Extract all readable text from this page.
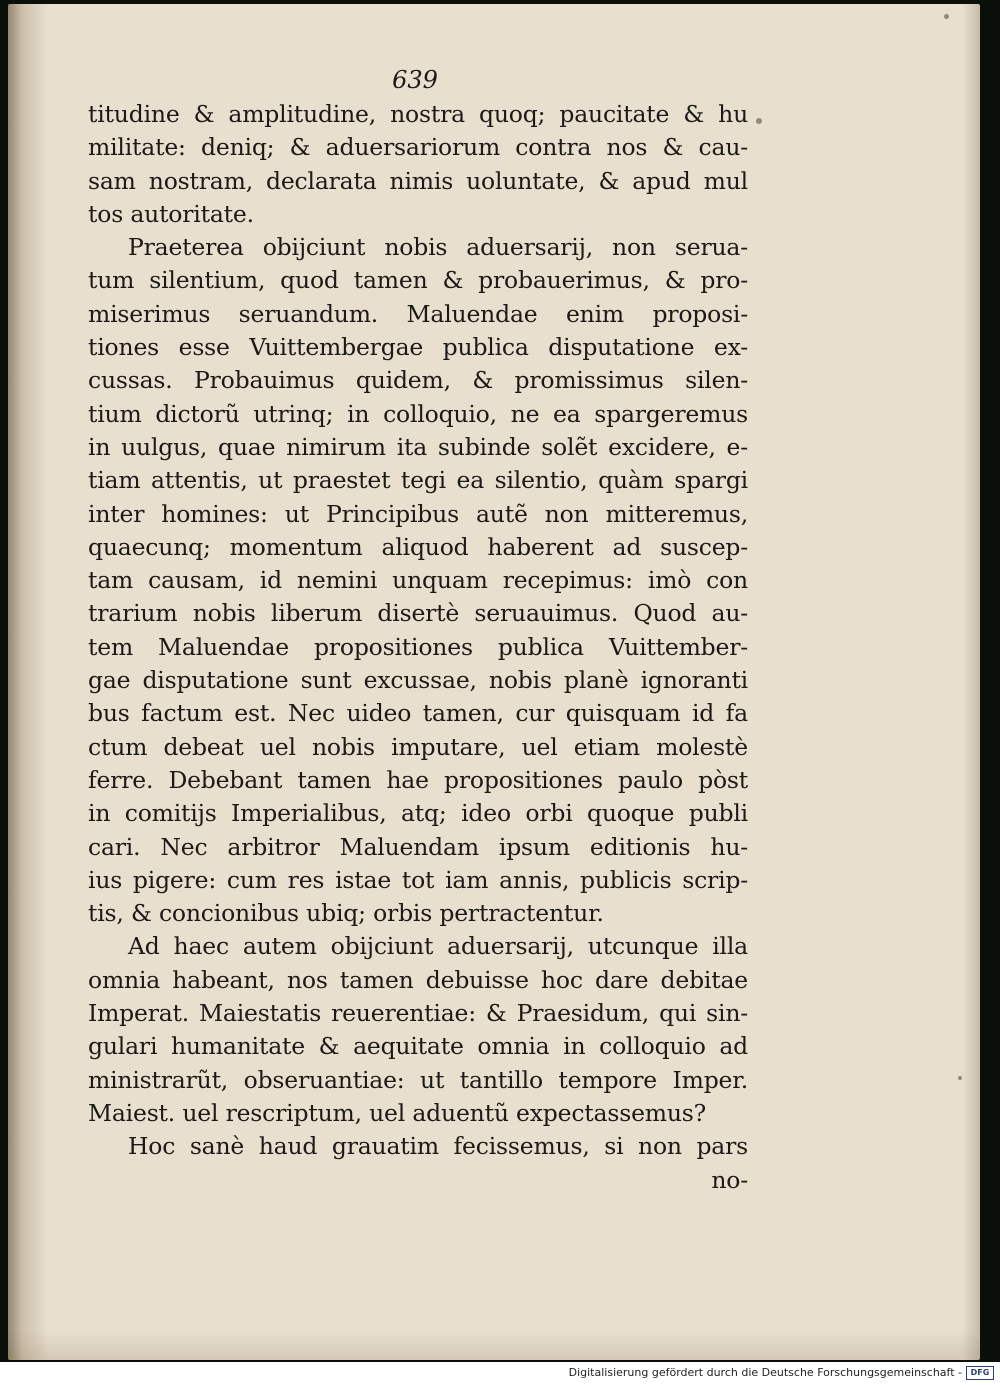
639
titudine & amplitudine, nostra quoq; paucitate & hu
militate: deniq; & aduersariorum contra nos & cau-
sam nostram, declarata nimis uoluntate, & apud mul
tos autoritate.
Praeterea obijciunt nobis aduersarij, non serua-
tum silentium, quod tamen & probauerimus, & pro-
miserimus seruandum. Maluendae enim proposi-
tiones esse Vuittembergae publica disputatione ex-
cussas. Probauimus quidem, & promissimus silen-
tium dictorũ utrinq; in colloquio, ne ea spargeremus
in uulgus, quae nimirum ita subinde solẽt excidere, e-
tiam attentis, ut praestet tegi ea silentio, quàm spargi
inter homines: ut Principibus autẽ non mitteremus,
quaecunq; momentum aliquod haberent ad suscep-
tam causam, id nemini unquam recepimus: imò con
trarium nobis liberum disertè seruauimus. Quod au-
tem Maluendae propositiones publica Vuittember-
gae disputatione sunt excussae, nobis planè ignoranti
bus factum est. Nec uideo tamen, cur quisquam id fa
ctum debeat uel nobis imputare, uel etiam molestè
ferre. Debebant tamen hae propositiones paulo pòst
in comitijs Imperialibus, atq; ideo orbi quoque publi
cari. Nec arbitror Maluendam ipsum editionis hu-
ius pigere: cum res istae tot iam annis, publicis scrip-
tis, & concionibus ubiq; orbis pertractentur.
Ad haec autem obijciunt aduersarij, utcunque illa
omnia habeant, nos tamen debuisse hoc dare debitae
Imperat. Maiestatis reuerentiae: & Praesidum, qui sin-
gulari humanitate & aequitate omnia in colloquio ad
ministrarũt, obseruantiae: ut tantillo tempore Imper.
Maiest. uel rescriptum, uel aduentũ expectassemus?
Hoc sanè haud grauatim fecissemus, si non pars
no-
Digitalisierung gefördert durch die Deutsche Forschungsgemeinschaft -	DFG
